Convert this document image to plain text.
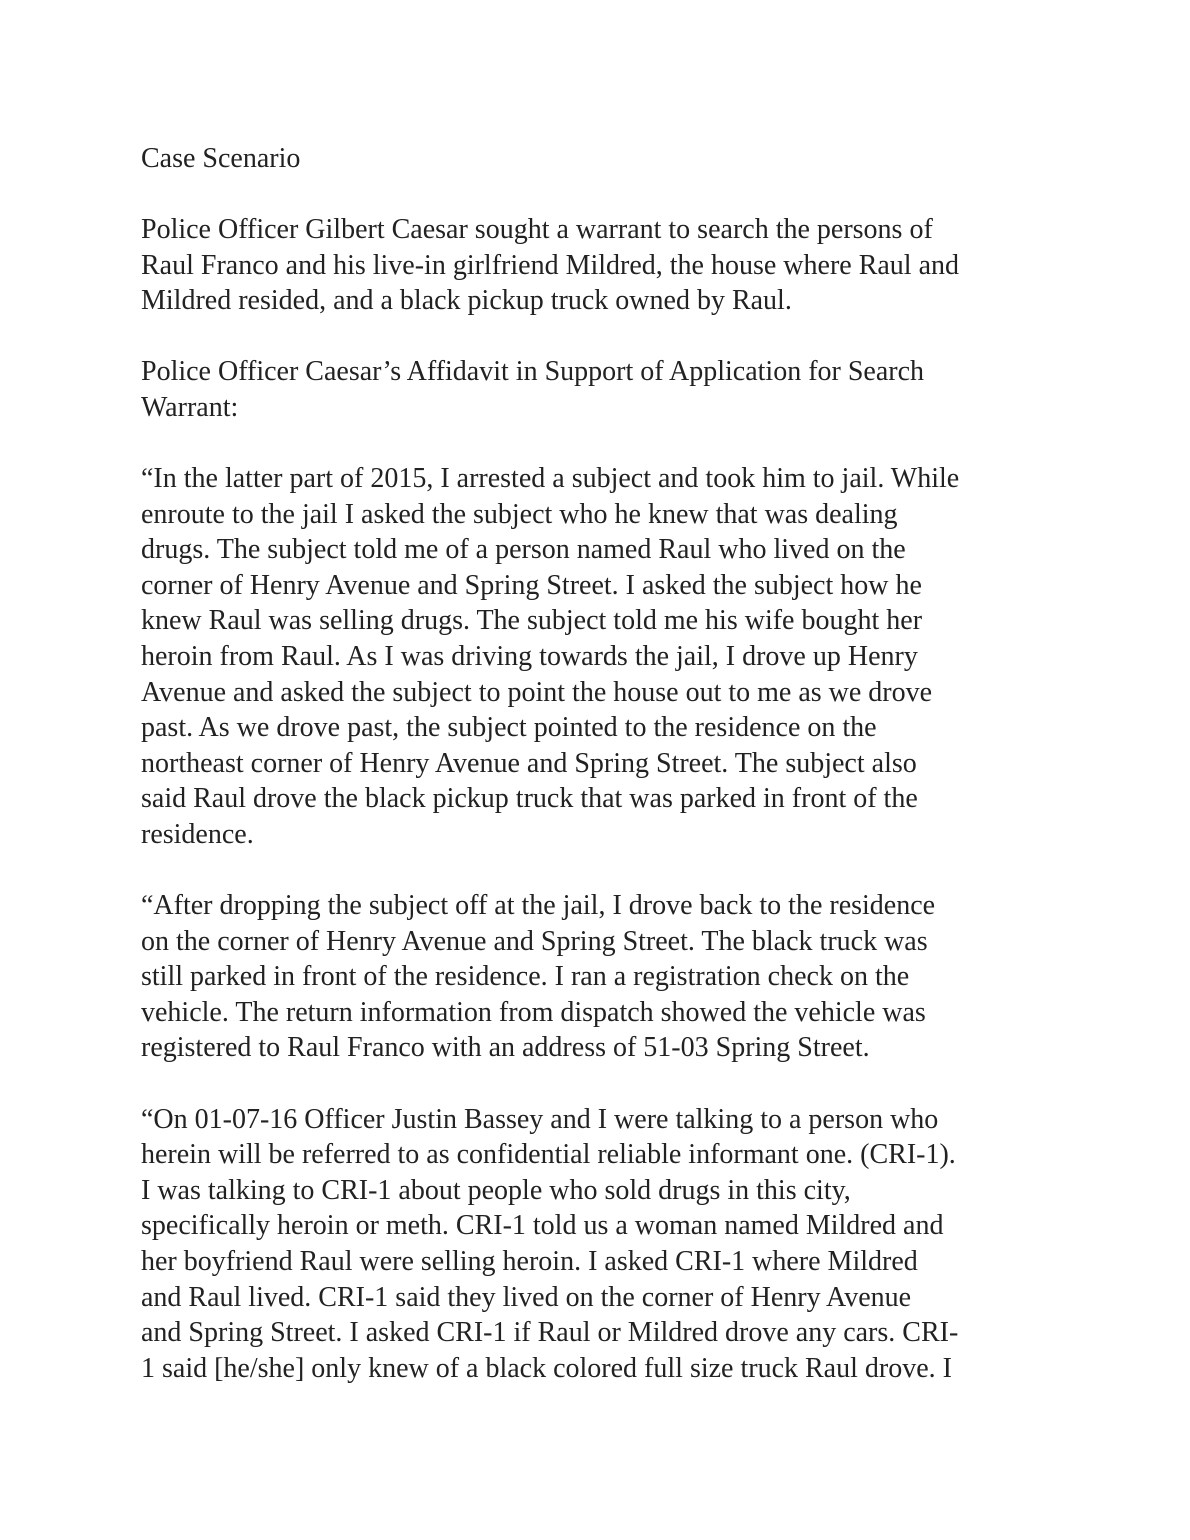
Case Scenario

Police Officer Gilbert Caesar sought a warrant to search the persons of
Raul Franco and his live-in girlfriend Mildred, the house where Raul and
Mildred resided, and a black pickup truck owned by Raul.

Police Officer Caesar’s Affidavit in Support of Application for Search
Warrant:

“In the latter part of 2015, I arrested a subject and took him to jail. While
enroute to the jail I asked the subject who he knew that was dealing
drugs. The subject told me of a person named Raul who lived on the
corner of Henry Avenue and Spring Street. I asked the subject how he
knew Raul was selling drugs. The subject told me his wife bought her
heroin from Raul. As I was driving towards the jail, I drove up Henry
Avenue and asked the subject to point the house out to me as we drove
past. As we drove past, the subject pointed to the residence on the
northeast corner of Henry Avenue and Spring Street. The subject also
said Raul drove the black pickup truck that was parked in front of the
residence.

“After dropping the subject off at the jail, I drove back to the residence
on the corner of Henry Avenue and Spring Street. The black truck was
still parked in front of the residence. I ran a registration check on the
vehicle. The return information from dispatch showed the vehicle was
registered to Raul Franco with an address of 51-03 Spring Street.

“On 01-07-16 Officer Justin Bassey and I were talking to a person who
herein will be referred to as confidential reliable informant one. (CRI-1).
I was talking to CRI-1 about people who sold drugs in this city,
specifically heroin or meth. CRI-1 told us a woman named Mildred and
her boyfriend Raul were selling heroin. I asked CRI-1 where Mildred
and Raul lived. CRI-1 said they lived on the corner of Henry Avenue
and Spring Street. I asked CRI-1 if Raul or Mildred drove any cars. CRI-
1 said [he/she] only knew of a black colored full size truck Raul drove. I
